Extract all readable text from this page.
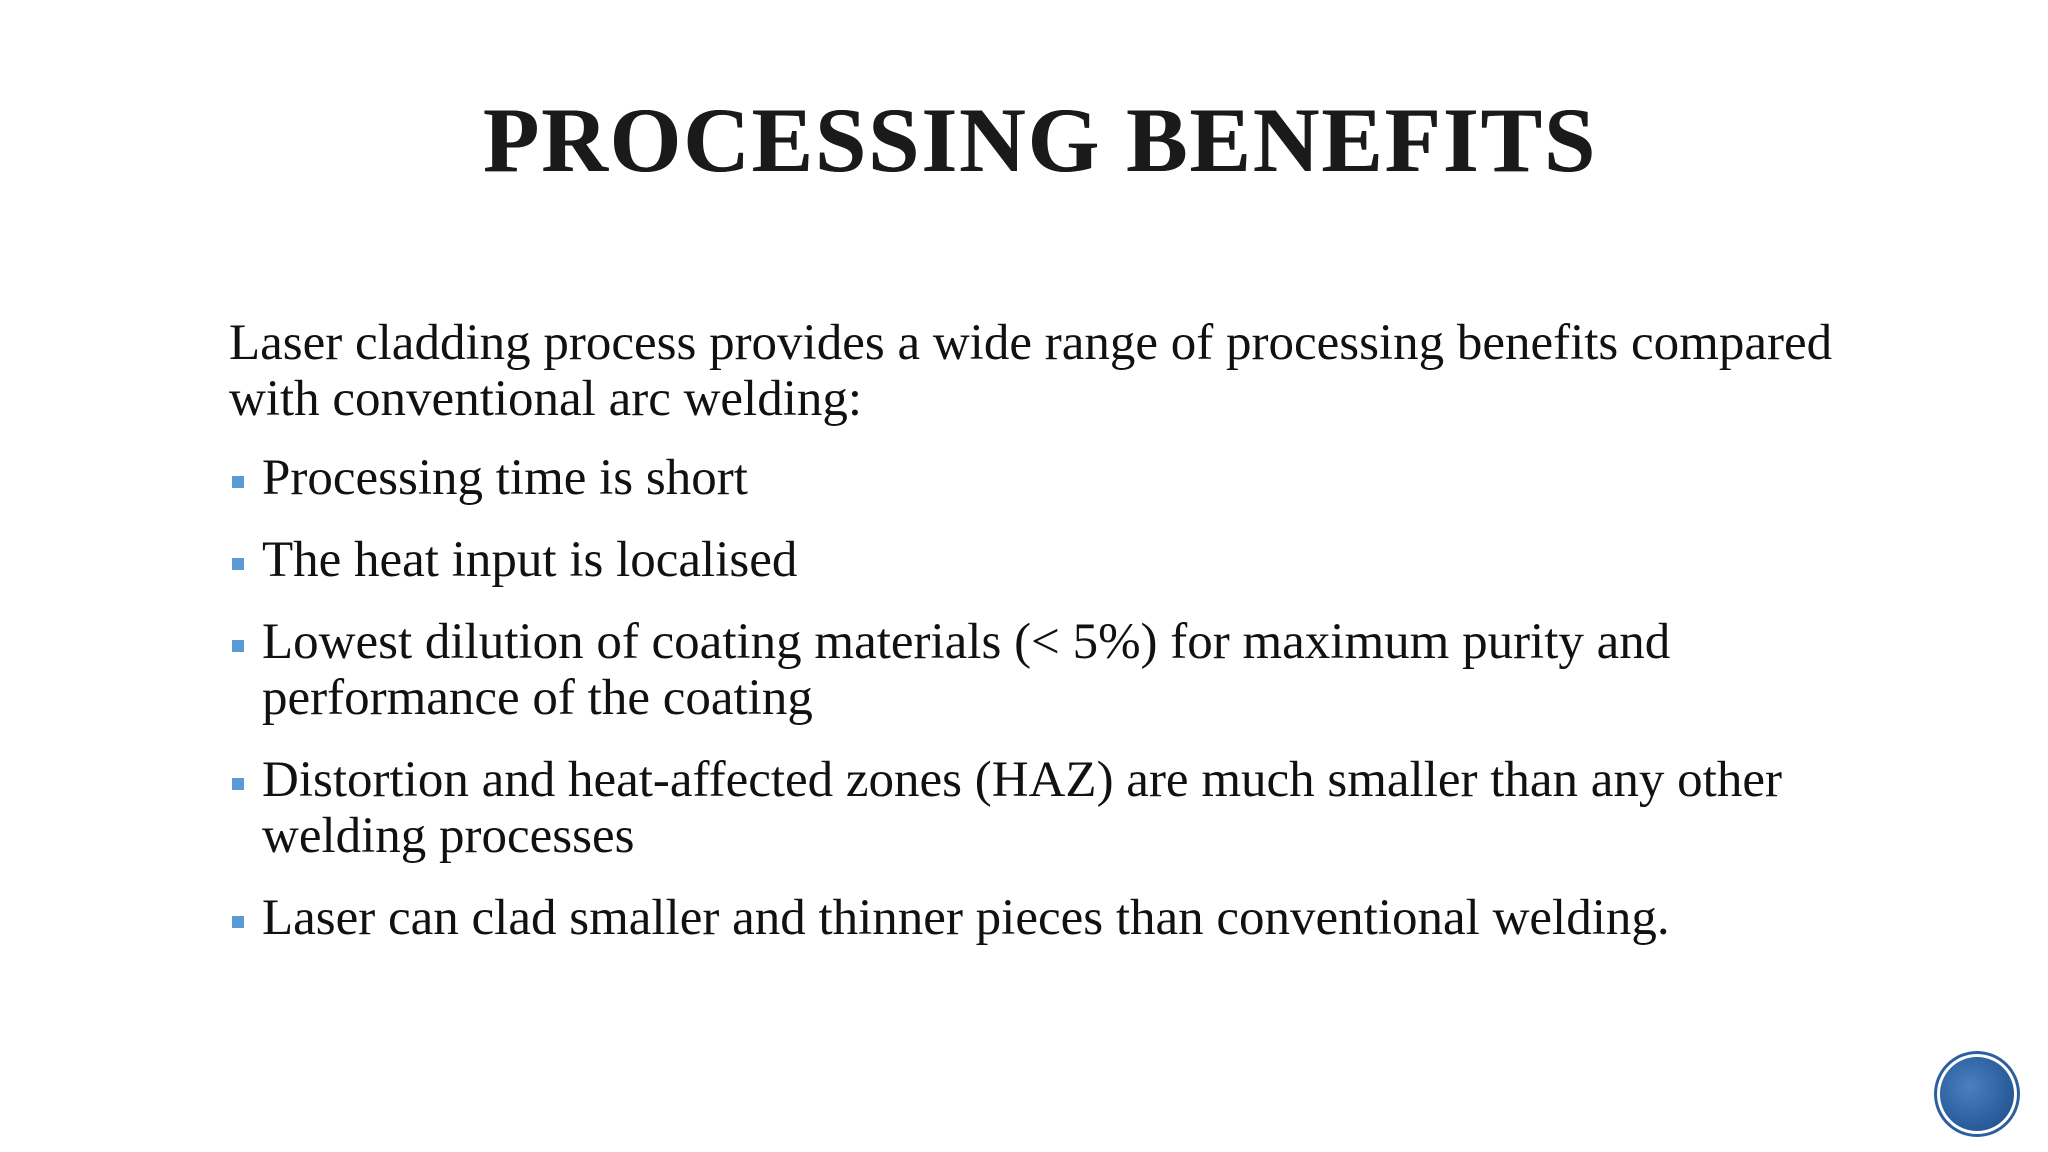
PROCESSING BENEFITS

Laser cladding process provides a wide range of processing benefits compared with conventional arc welding:

Processing time is short
The heat input is localised
Lowest dilution of coating materials (< 5%) for maximum purity and performance of the coating
Distortion and heat-affected zones (HAZ) are much smaller than any other welding processes
Laser can clad smaller and thinner pieces than conventional welding.
